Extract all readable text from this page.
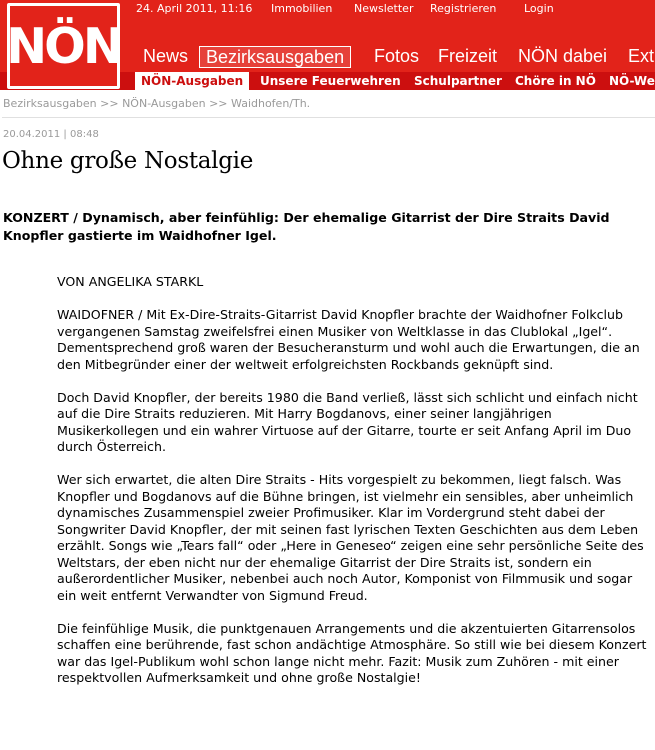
24. April 2011, 11:16 Immobilien Newsletter Registrieren	Login
News Bezirksausgaben	Fotos Freizeit NÖN dabei Ext
NÖN
NÖN-Ausgaben	Unsere Feuerwehren Schulpartner Chöre in NÖ NÖ-We
Bezirksausgaben >> NÖN-Ausgaben >> Waidhofen/Th.
20.04.2011 | 08:48
Ohne große Nostalgie
KONZERT / Dynamisch, aber feinfühlig: Der ehemalige Gitarrist der Dire Straits David Knopfler gastierte im Waidhofner Igel.

VON ANGELIKA STARKL

WAIDOFNER / Mit Ex-Dire-Straits-Gitarrist David Knopfler brachte der Waidhofner Folkclub vergangenen Samstag zweifelsfrei einen Musiker von Weltklasse in das Clublokal „Igel“. Dementsprechend groß waren der Besucheransturm und wohl auch die Erwartungen, die an den Mitbegründer einer der weltweit erfolgreichsten Rockbands geknüpft sind.

Doch David Knopfler, der bereits 1980 die Band verließ, lässt sich schlicht und einfach nicht auf die Dire Straits reduzieren. Mit Harry Bogdanovs, einer seiner langjährigen Musikerkollegen und ein wahrer Virtuose auf der Gitarre, tourte er seit Anfang April im Duo durch Österreich.

Wer sich erwartet, die alten Dire Straits - Hits vorgespielt zu bekommen, liegt falsch. Was Knopfler und Bogdanovs auf die Bühne bringen, ist vielmehr ein sensibles, aber unheimlich dynamisches Zusammenspiel zweier Profimusiker. Klar im Vordergrund steht dabei der Songwriter David Knopfler, der mit seinen fast lyrischen Texten Geschichten aus dem Leben erzählt. Songs wie „Tears fall“ oder „Here in Geneseo“ zeigen eine sehr persönliche Seite des Weltstars, der eben nicht nur der ehemalige Gitarrist der Dire Straits ist, sondern ein außerordentlicher Musiker, nebenbei auch noch Autor, Komponist von Filmmusik und sogar ein weit entfernt Verwandter von Sigmund Freud.

Die feinfühlige Musik, die punktgenauen Arrangements und die akzentuierten Gitarrensolos schaffen eine berührende, fast schon andächtige Atmosphäre. So still wie bei diesem Konzert war das Igel-Publikum wohl schon lange nicht mehr. Fazit: Musik zum Zuhören - mit einer respektvollen Aufmerksamkeit und ohne große Nostalgie!
